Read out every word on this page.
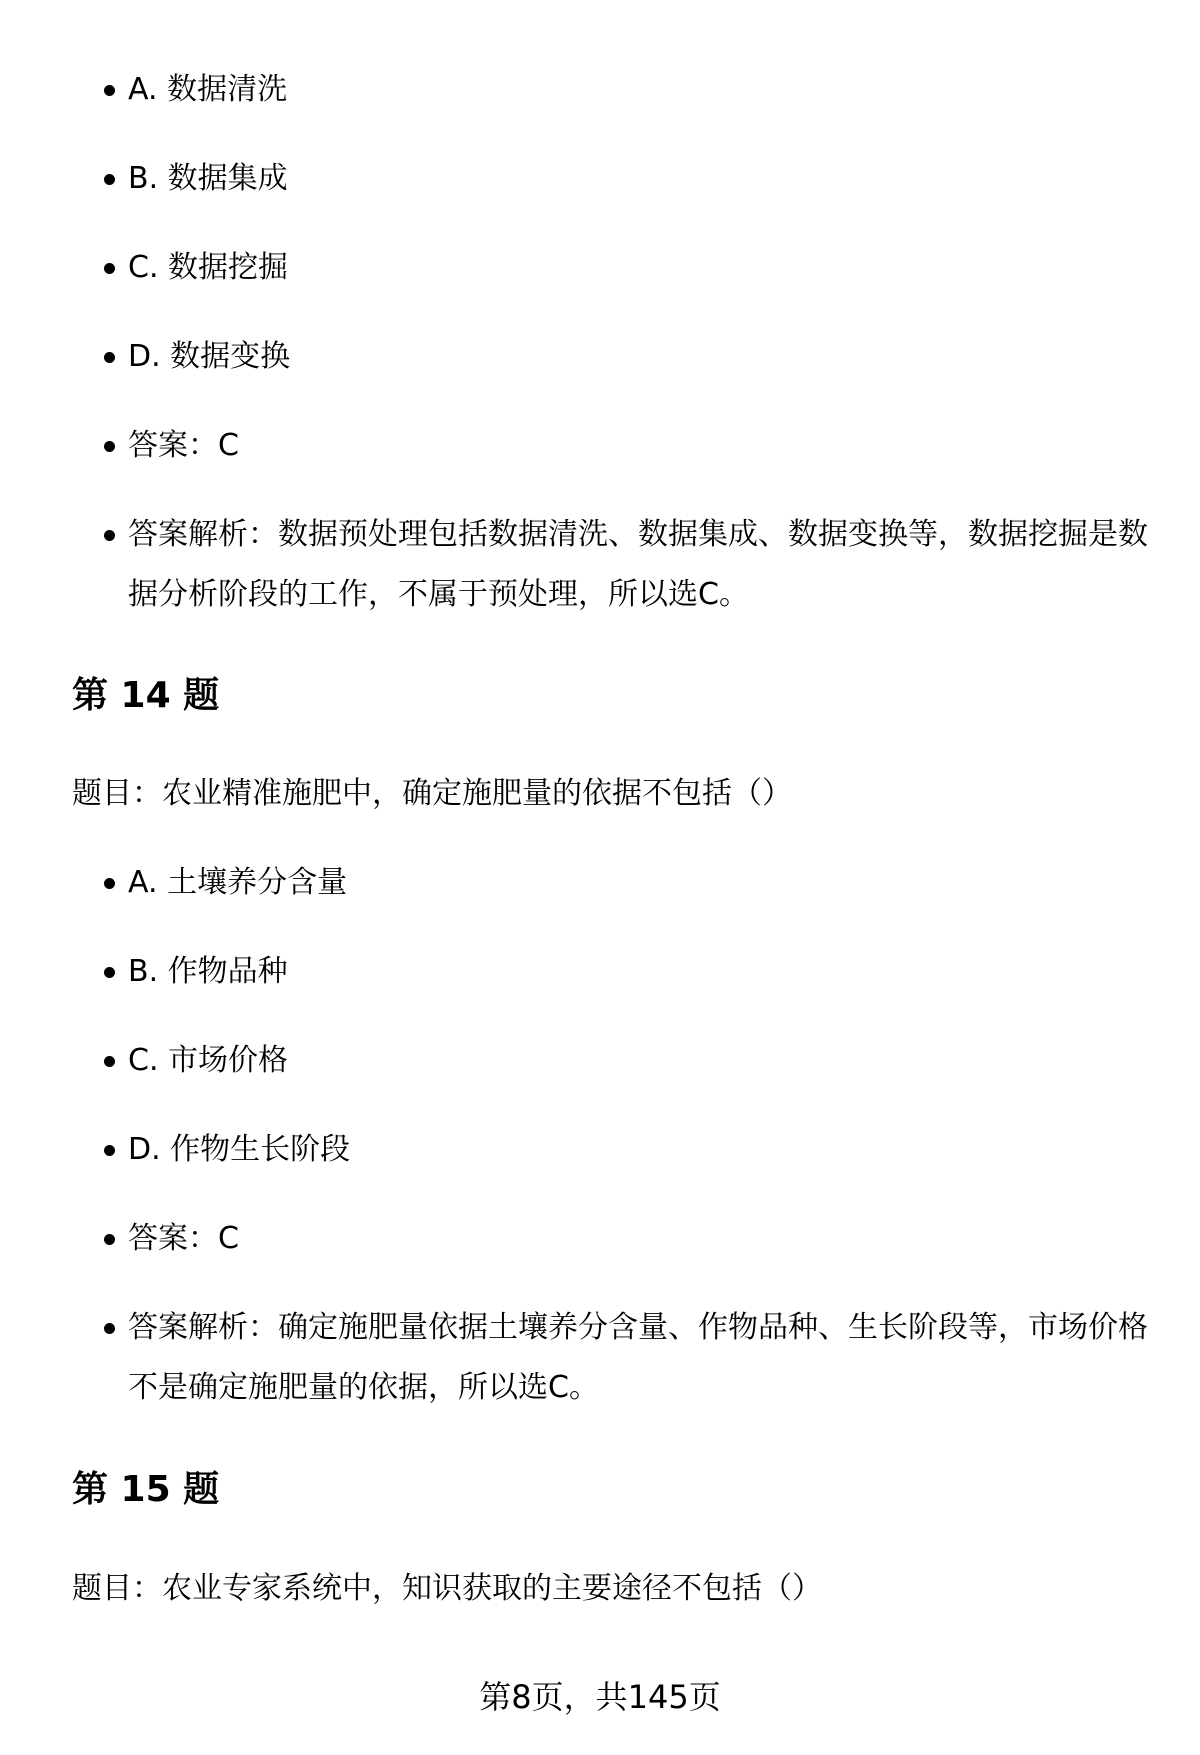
A. 数据清洗
B. 数据集成
C. 数据挖掘
D. 数据变换
答案：C
答案解析：数据预处理包括数据清洗、数据集成、数据变换等，数据挖掘是数据分析阶段的工作，不属于预处理，所以选C。
第 14 题
题目：农业精准施肥中，确定施肥量的依据不包括（）
A. 土壤养分含量
B. 作物品种
C. 市场价格
D. 作物生长阶段
答案：C
答案解析：确定施肥量依据土壤养分含量、作物品种、生长阶段等，市场价格不是确定施肥量的依据，所以选C。
第 15 题
题目：农业专家系统中，知识获取的主要途径不包括（）
第8页，共145页
